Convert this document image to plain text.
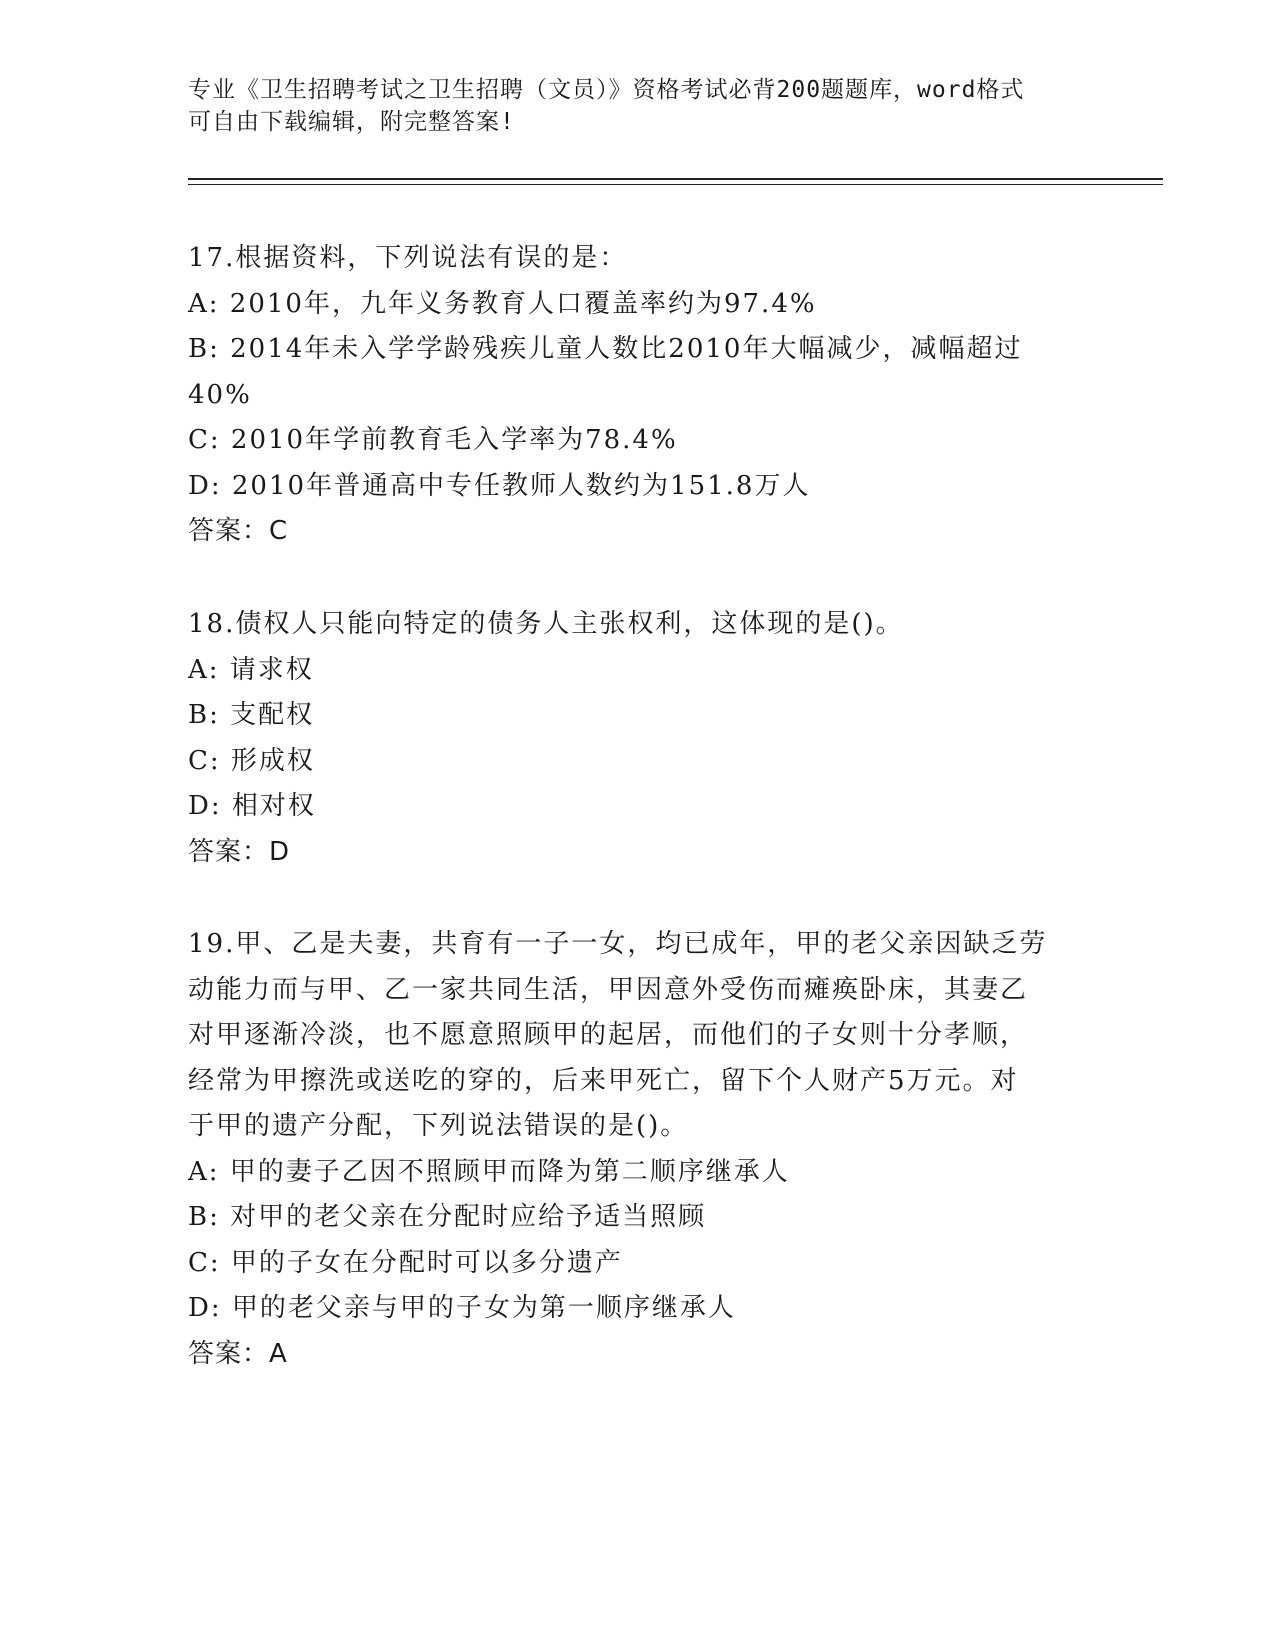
专业《卫生招聘考试之卫生招聘（文员）》资格考试必背200题题库，word格式
可自由下载编辑，附完整答案!
17.根据资料，下列说法有误的是：
A: 2010年，九年义务教育人口覆盖率约为97.4%
B: 2014年未入学学龄残疾儿童人数比2010年大幅减少，减幅超过
40%
C: 2010年学前教育毛入学率为78.4%
D: 2010年普通高中专任教师人数约为151.8万人
答案：C
18.债权人只能向特定的债务人主张权利，这体现的是()。
A: 请求权
B: 支配权
C: 形成权
D: 相对权
答案：D
19.甲、乙是夫妻，共育有一子一女，均已成年，甲的老父亲因缺乏劳
动能力而与甲、乙一家共同生活，甲因意外受伤而瘫痪卧床，其妻乙
对甲逐渐冷淡，也不愿意照顾甲的起居，而他们的子女则十分孝顺，
经常为甲擦洗或送吃的穿的，后来甲死亡，留下个人财产5万元。对
于甲的遗产分配，下列说法错误的是()。
A: 甲的妻子乙因不照顾甲而降为第二顺序继承人
B: 对甲的老父亲在分配时应给予适当照顾
C: 甲的子女在分配时可以多分遗产
D: 甲的老父亲与甲的子女为第一顺序继承人
答案：A
